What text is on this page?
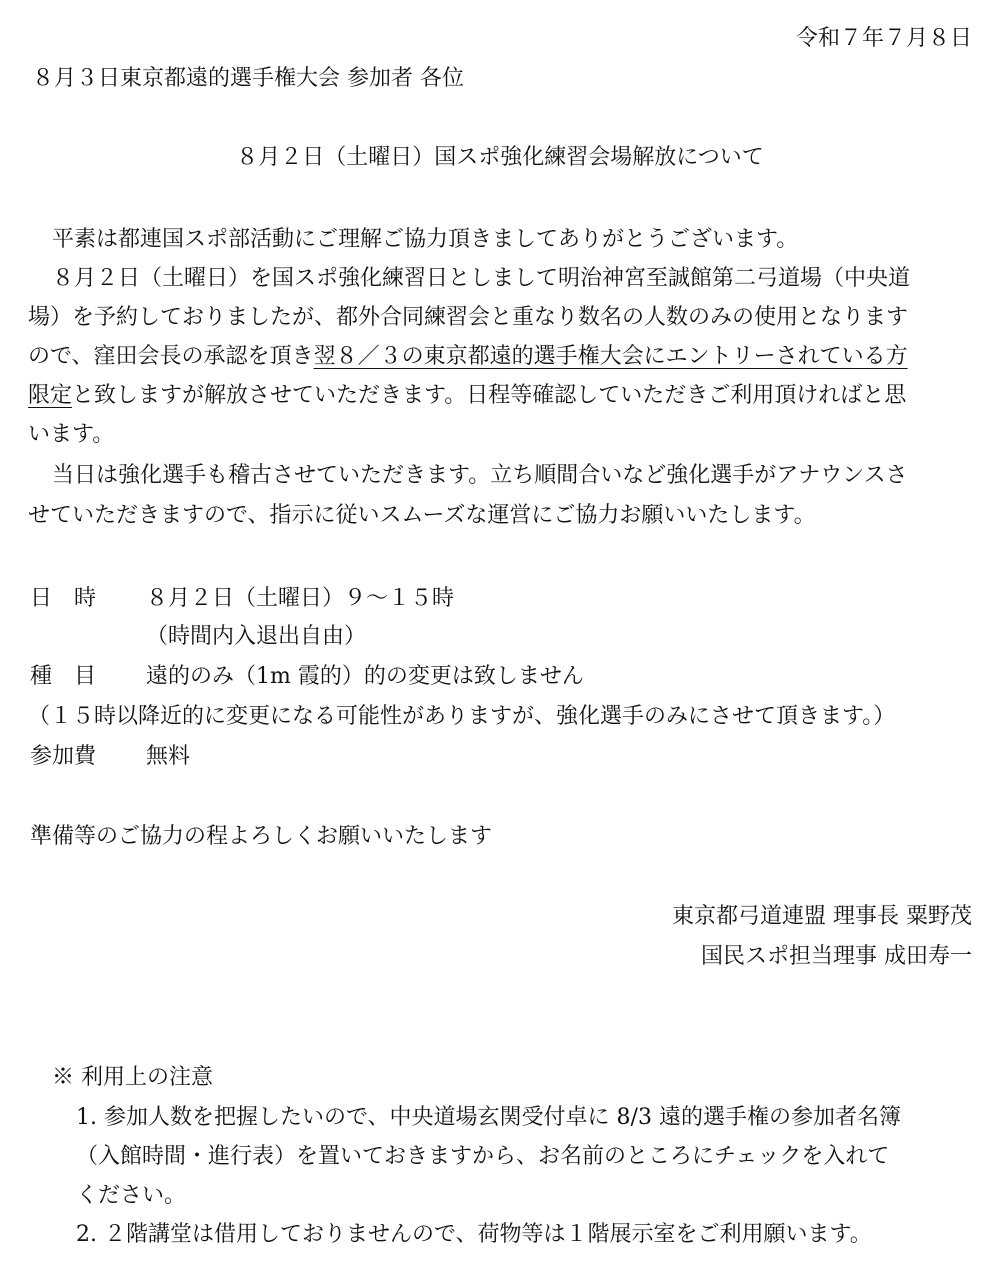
令和７年７月８日
８月３日東京都遠的選手権大会 参加者 各位
８月２日（土曜日）国スポ強化練習会場解放について
平素は都連国スポ部活動にご理解ご協力頂きましてありがとうございます。
８月２日（土曜日）を国スポ強化練習日としまして明治神宮至誠館第二弓道場（中央道
場）を予約しておりましたが、都外合同練習会と重なり数名の人数のみの使用となります
ので、窪田会長の承認を頂き翌８／３の東京都遠的選手権大会にエントリーされている方
限定と致しますが解放させていただきます。日程等確認していただきご利用頂ければと思
います。
当日は強化選手も稽古させていただきます。立ち順間合いなど強化選手がアナウンスさ
せていただきますので、指示に従いスムーズな運営にご協力お願いいたします。
日　時 ８月２日（土曜日）９～１５時
（時間内入退出自由）
種　目 遠的のみ（1m 霞的）的の変更は致しません
（１５時以降近的に変更になる可能性がありますが、強化選手のみにさせて頂きます。）
参加費 無料
準備等のご協力の程よろしくお願いいたします
東京都弓道連盟 理事長 粟野茂
国民スポ担当理事 成田寿一
※ 利用上の注意
1. 参加人数を把握したいので、中央道場玄関受付卓に 8/3 遠的選手権の参加者名簿
（入館時間・進行表）を置いておきますから、お名前のところにチェックを入れて
ください。
2. ２階講堂は借用しておりませんので、荷物等は１階展示室をご利用願います。
